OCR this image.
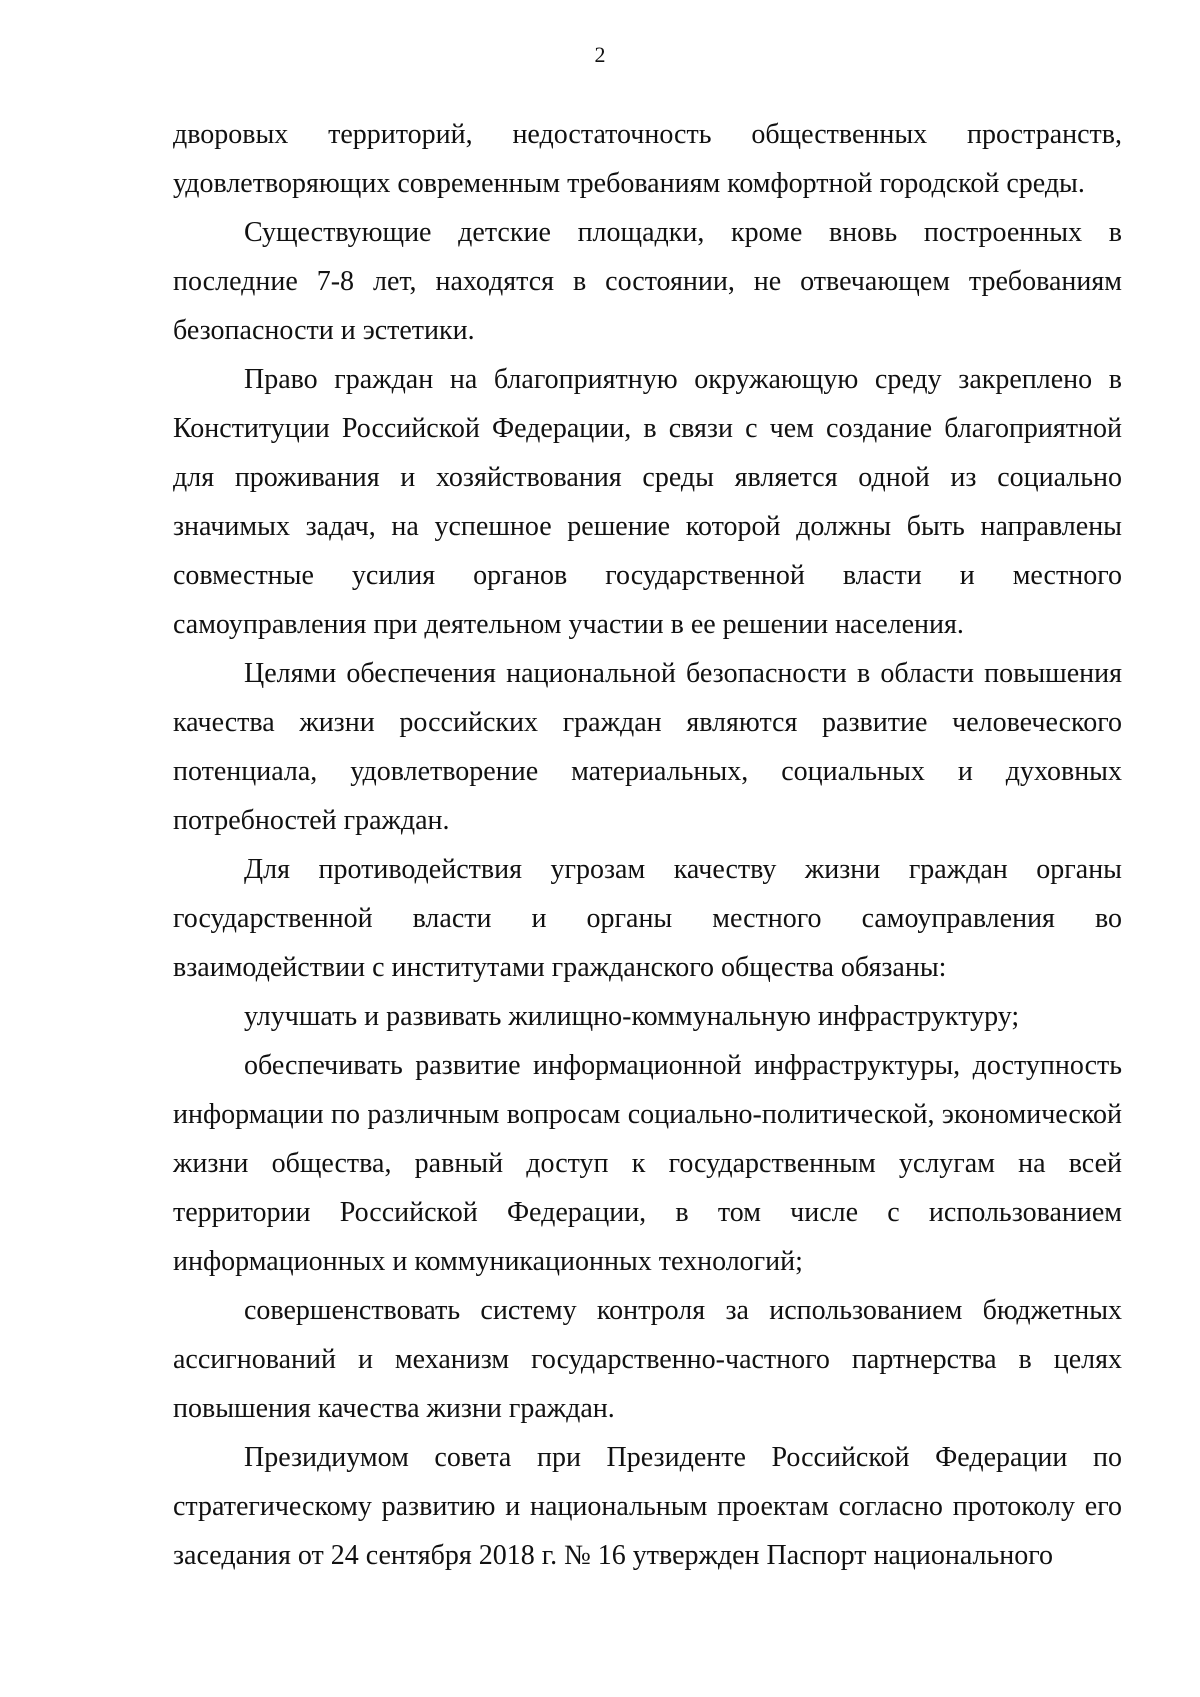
2

дворовых территорий, недостаточность общественных пространств, удовлетворяющих современным требованиям комфортной городской среды.

Существующие детские площадки, кроме вновь построенных в последние 7-8 лет, находятся в состоянии, не отвечающем требованиям безопасности и эстетики.

Право граждан на благоприятную окружающую среду закреплено в Конституции Российской Федерации, в связи с чем создание благоприятной для проживания и хозяйствования среды является одной из социально значимых задач, на успешное решение которой должны быть направлены совместные усилия органов государственной власти и местного самоуправления при деятельном участии в ее решении населения.

Целями обеспечения национальной безопасности в области повышения качества жизни российских граждан являются развитие человеческого потенциала, удовлетворение материальных, социальных и духовных потребностей граждан.

Для противодействия угрозам качеству жизни граждан органы государственной власти и органы местного самоуправления во взаимодействии с институтами гражданского общества обязаны:

улучшать и развивать жилищно-коммунальную инфраструктуру;

обеспечивать развитие информационной инфраструктуры, доступность информации по различным вопросам социально-политической, экономической жизни общества, равный доступ к государственным услугам на всей территории Российской Федерации, в том числе с использованием информационных и коммуникационных технологий;

совершенствовать систему контроля за использованием бюджетных ассигнований и механизм государственно-частного партнерства в целях повышения качества жизни граждан.

Президиумом совета при Президенте Российской Федерации по стратегическому развитию и национальным проектам согласно протоколу его заседания от 24 сентября 2018 г. № 16 утвержден Паспорт национального
